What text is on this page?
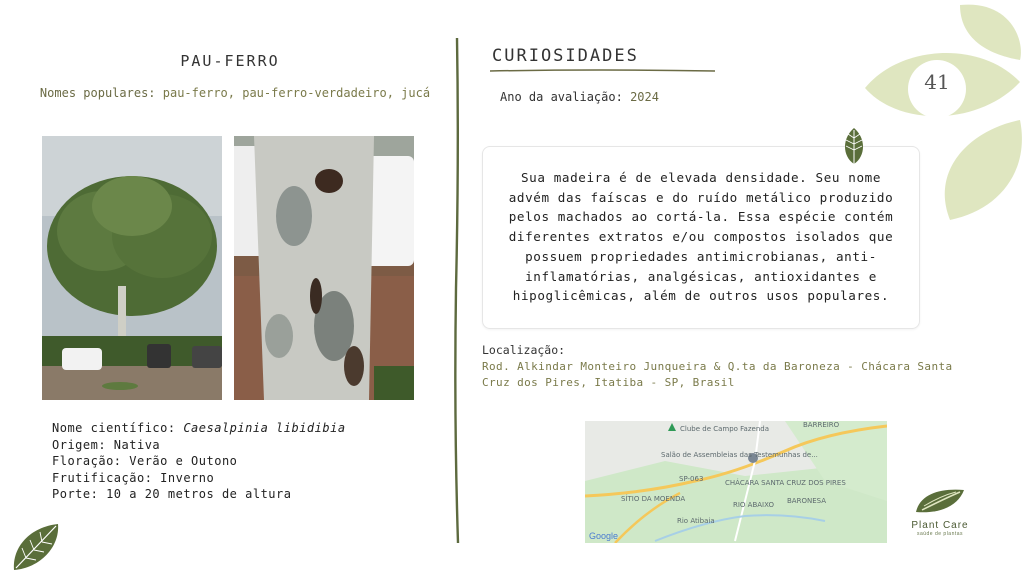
41
PAU-FERRO
Nomes populares: pau-ferro, pau-ferro-verdadeiro, jucá
Nome científico: Caesalpinia libidibia
Origem: Nativa
Floração: Verão e Outono
Frutificação: Inverno
Porte: 10 a 20 metros de altura
CURIOSIDADES
Ano da avaliação: 2024
Sua madeira é de elevada densidade. Seu nome advém das faíscas e do ruído metálico produzido pelos machados ao cortá-la. Essa espécie contém diferentes extratos e/ou compostos isolados que possuem propriedades antimicrobianas, anti-inflamatórias, analgésicas, antioxidantes e hipoglicêmicas, além de outros usos populares.
Localização:
Rod. Alkindar Monteiro Junqueira & Q.ta da Baroneza - Chácara Santa Cruz dos Pires, Itatiba - SP, Brasil
Clube de Campo Fazenda	BARREIRO
Salão de Assembleias das Testemunhas de...
SP-063	CHÁCARA SANTA CRUZ DOS PIRES
SÍTIO DA MOENDA
RIO ABAIXO BARONESA
Rio Atibaia
Google
Plant Care
saúde de plantas
